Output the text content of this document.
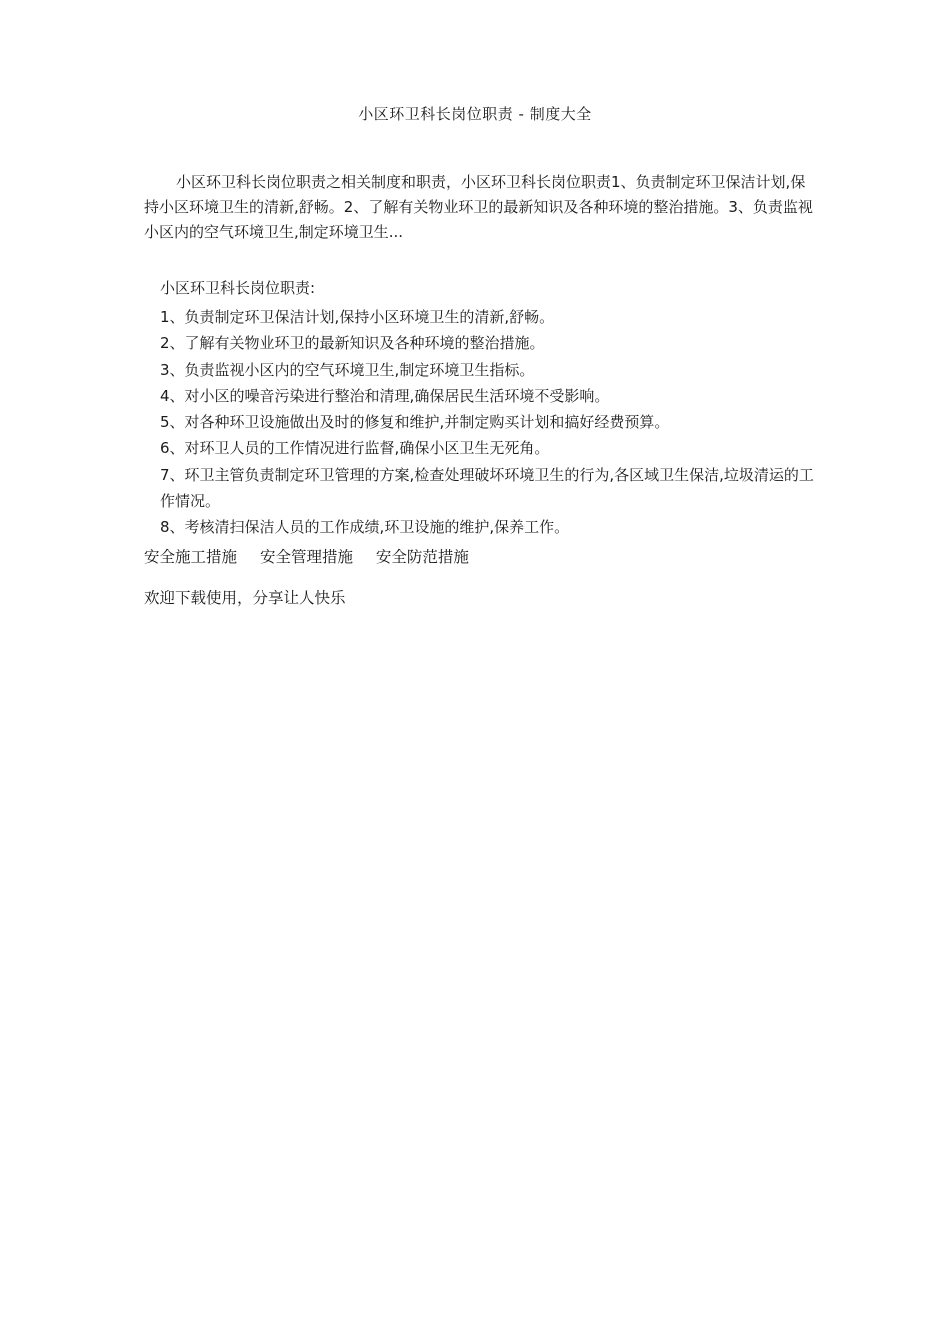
小区环卫科长岗位职责 - 制度大全

小区环卫科长岗位职责之相关制度和职责，小区环卫科长岗位职责1、负责制定环卫保洁计划,保持小区环境卫生的清新,舒畅。2、了解有关物业环卫的最新知识及各种环境的整治措施。3、负责监视小区内的空气环境卫生,制定环境卫生...

小区环卫科长岗位职责:
1、负责制定环卫保洁计划,保持小区环境卫生的清新,舒畅。
2、了解有关物业环卫的最新知识及各种环境的整治措施。
3、负责监视小区内的空气环境卫生,制定环境卫生指标。
4、对小区的噪音污染进行整治和清理,确保居民生活环境不受影响。
5、对各种环卫设施做出及时的修复和维护,并制定购买计划和搞好经费预算。
6、对环卫人员的工作情况进行监督,确保小区卫生无死角。
7、环卫主管负责制定环卫管理的方案,检查处理破坏环境卫生的行为,各区域卫生保洁,垃圾清运的工作情况。
8、考核清扫保洁人员的工作成绩,环卫设施的维护,保养工作。
安全施工措施 安全管理措施 安全防范措施
欢迎下载使用，分享让人快乐
